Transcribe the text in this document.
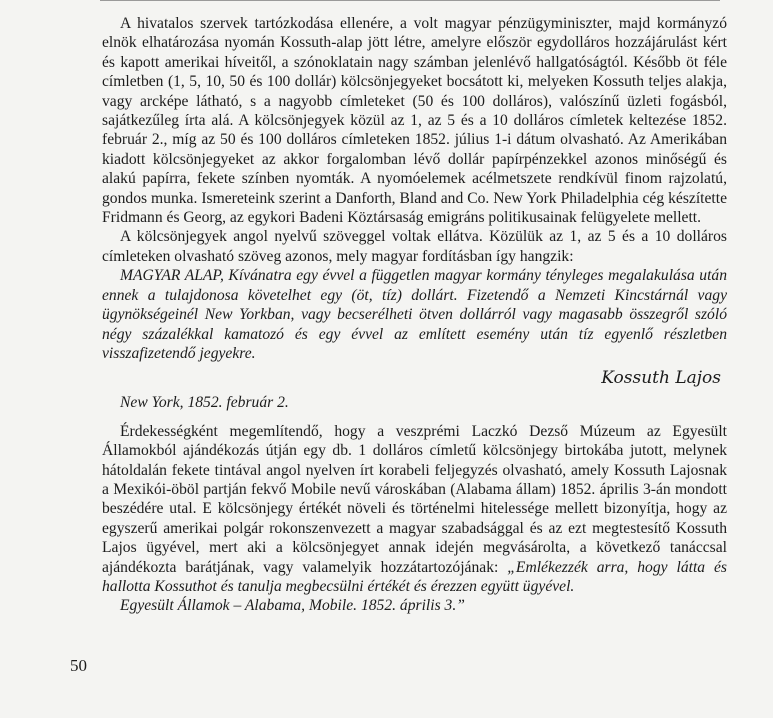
A hivatalos szervek tartózkodása ellenére, a volt magyar pénzügyminiszter, majd kormányzó elnök elhatározása nyomán Kossuth-alap jött létre, amelyre először egydolláros hozzájárulást kért és kapott amerikai híveitől, a szónoklatain nagy számban jelenlévő hallgatóságtól. Később öt féle címletben (1, 5, 10, 50 és 100 dollár) kölcsönjegyeket bocsátott ki, melyeken Kossuth teljes alakja, vagy arcképe látható, s a nagyobb címleteket (50 és 100 dolláros), valószínű üzleti fogásból, sajátkezűleg írta alá. A kölcsönjegyek közül az 1, az 5 és a 10 dolláros címletek keltezése 1852. február 2., míg az 50 és 100 dolláros címleteken 1852. július 1-i dátum olvasható. Az Amerikában kiadott kölcsönjegyeket az akkor forgalomban lévő dollár papírpénzekkel azonos minőségű és alakú papírra, fekete színben nyomták. A nyomóelemek acélmetszete rendkívül finom rajzolatú, gondos munka. Ismereteink szerint a Danforth, Bland and Co. New York Philadelphia cég készítette Fridmann és Georg, az egykori Badeni Köztársaság emigráns politikusainak felügyelete mellett.

A kölcsönjegyek angol nyelvű szöveggel voltak ellátva. Közülük az 1, az 5 és a 10 dolláros címleteken olvasható szöveg azonos, mely magyar fordításban így hangzik:

MAGYAR ALAP, Kívánatra egy évvel a független magyar kormány tényleges megalakulása után ennek a tulajdonosa követelhet egy (öt, tíz) dollárt. Fizetendő a Nemzeti Kincstárnál vagy ügynökségeinél New Yorkban, vagy becserélheti ötven dollárról vagy magasabb összegről szóló négy százalékkal kamatozó és egy évvel az említett esemény után tíz egyenlő részletben visszafizetendő jegyekre.

Kossuth Lajos

New York, 1852. február 2.

Érdekességként megemlítendő, hogy a veszprémi Laczkó Dezső Múzeum az Egyesült Államokból ajándékozás útján egy db. 1 dolláros címletű kölcsönjegy birtokába jutott, melynek hátoldalán fekete tintával angol nyelven írt korabeli feljegyzés olvasható, amely Kossuth Lajosnak a Mexikói-öböl partján fekvő Mobile nevű városkában (Alabama állam) 1852. április 3-án mondott beszédére utal. E kölcsönjegy értékét növeli és történelmi hitelessége mellett bizonyítja, hogy az egyszerű amerikai polgár rokonszenvezett a magyar szabadsággal és az ezt megtestesítő Kossuth Lajos ügyével, mert aki a kölcsönjegyet annak idején megvásárolta, a következő tanáccsal ajándékozta barátjának, vagy valamelyik hozzátartozójának: „Emlékezzék arra, hogy látta és hallotta Kossuthot és tanulja megbecsülni értékét és érezzen együtt ügyével.

Egyesült Államok – Alabama, Mobile. 1852. április 3.”

50
